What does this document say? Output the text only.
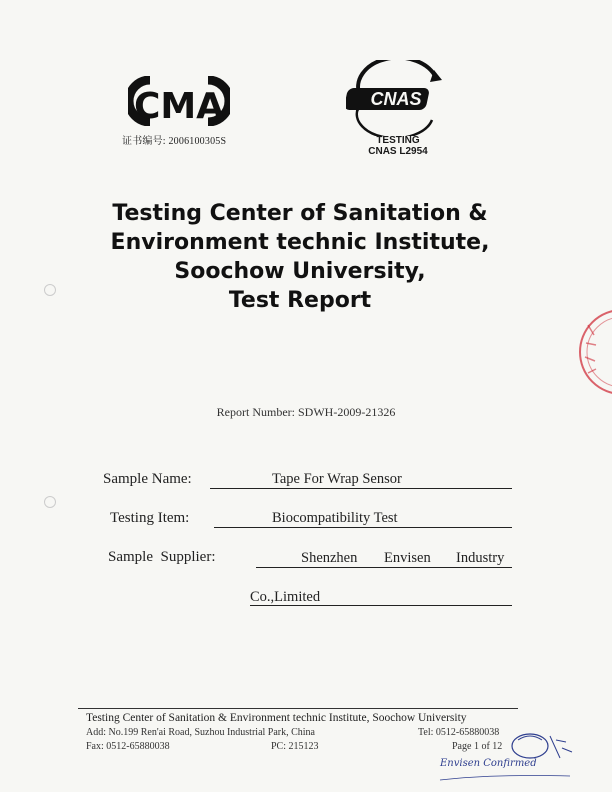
CMA
证书编号: 2006100305S
CNAS
TESTING
CNAS L2954
Testing Center of Sanitation &
Environment technic Institute,
Soochow University,
Test Report
Report Number: SDWH-2009-21326
Sample Name:	Tape For Wrap Sensor
Testing Item:	Biocompatibility Test
Sample  Supplier:	Shenzhen Envisen Industry
Co.,Limited
Testing Center of Sanitation & Environment technic Institute, Soochow University
Add: No.199 Ren'ai Road, Suzhou Industrial Park, China	Tel: 0512-65880038
Fax: 0512-65880038	PC: 215123	Page 1 of 12
Envisen Confirmed
